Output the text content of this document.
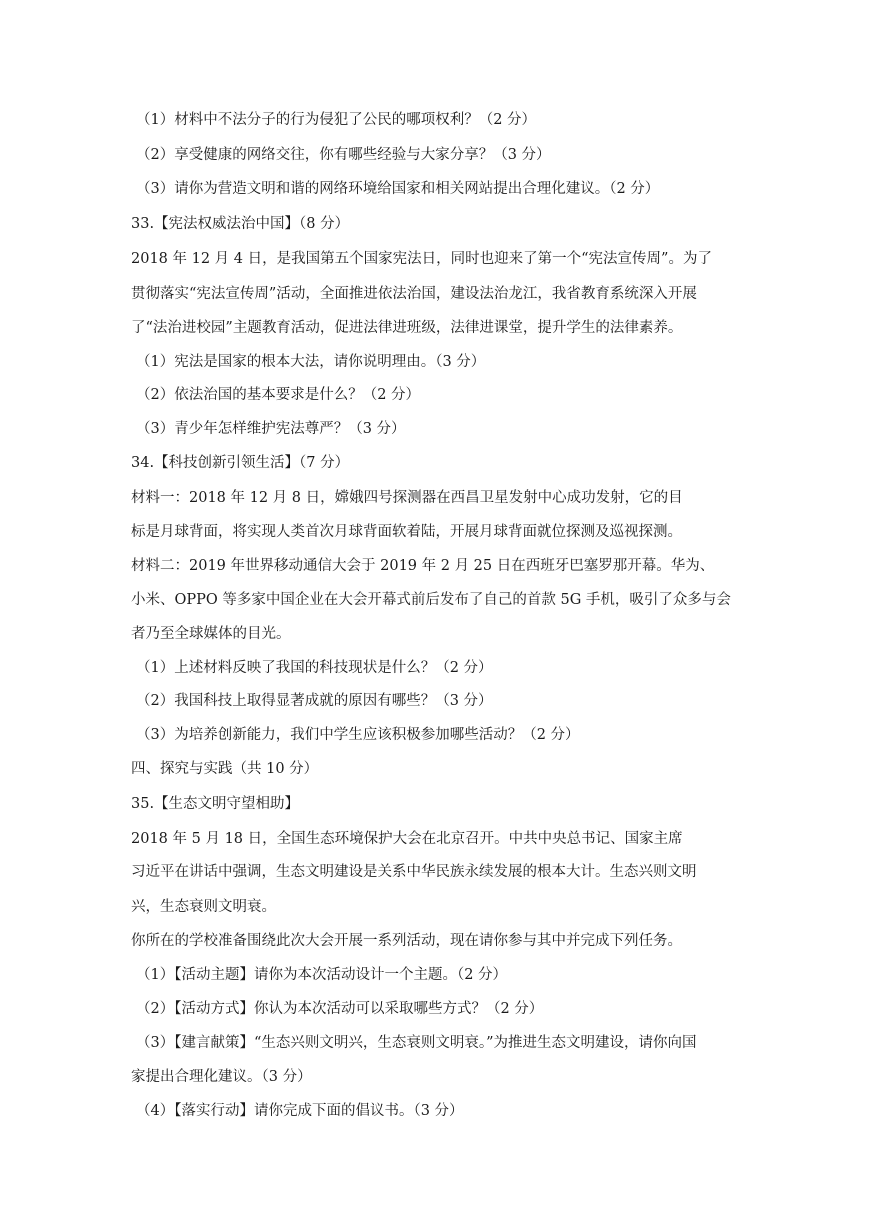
（1）材料中不法分子的行为侵犯了公民的哪项权利？（2 分）
（2）享受健康的网络交往，你有哪些经验与大家分享？（3 分）
（3）请你为营造文明和谐的网络环境给国家和相关网站提出合理化建议。（2 分）
33.【宪法权威法治中国】（8 分）
2018 年 12 月 4 日，是我国第五个国家宪法日，同时也迎来了第一个“宪法宣传周”。为了
贯彻落实“宪法宣传周”活动，全面推进依法治国，建设法治龙江，我省教育系统深入开展
了“法治进校园”主题教育活动，促进法律进班级，法律进课堂，提升学生的法律素养。
（1）宪法是国家的根本大法，请你说明理由。（3 分）
（2）依法治国的基本要求是什么？（2 分）
（3）青少年怎样维护宪法尊严？（3 分）
34.【科技创新引领生活】（7 分）
材料一：2018 年 12 月 8 日，嫦娥四号探测器在西昌卫星发射中心成功发射，它的目
标是月球背面，将实现人类首次月球背面软着陆，开展月球背面就位探测及巡视探测。
材料二：2019 年世界移动通信大会于 2019 年 2 月 25 日在西班牙巴塞罗那开幕。华为、
小米、OPPO 等多家中国企业在大会开幕式前后发布了自己的首款 5G 手机，吸引了众多与会
者乃至全球媒体的目光。
（1）上述材料反映了我国的科技现状是什么？（2 分）
（2）我国科技上取得显著成就的原因有哪些？（3 分）
（3）为培养创新能力，我们中学生应该积极参加哪些活动？（2 分）
四、探究与实践（共 10 分）
35.【生态文明守望相助】
2018 年 5 月 18 日，全国生态环境保护大会在北京召开。中共中央总书记、国家主席
习近平在讲话中强调，生态文明建设是关系中华民族永续发展的根本大计。生态兴则文明
兴，生态衰则文明衰。
你所在的学校准备围绕此次大会开展一系列活动，现在请你参与其中并完成下列任务。
（1）【活动主题】请你为本次活动设计一个主题。（2 分）
（2）【活动方式】你认为本次活动可以采取哪些方式？（2 分）
（3）【建言献策】“生态兴则文明兴，生态衰则文明衰。”为推进生态文明建设，请你向国
家提出合理化建议。（3 分）
（4）【落实行动】请你完成下面的倡议书。（3 分）
